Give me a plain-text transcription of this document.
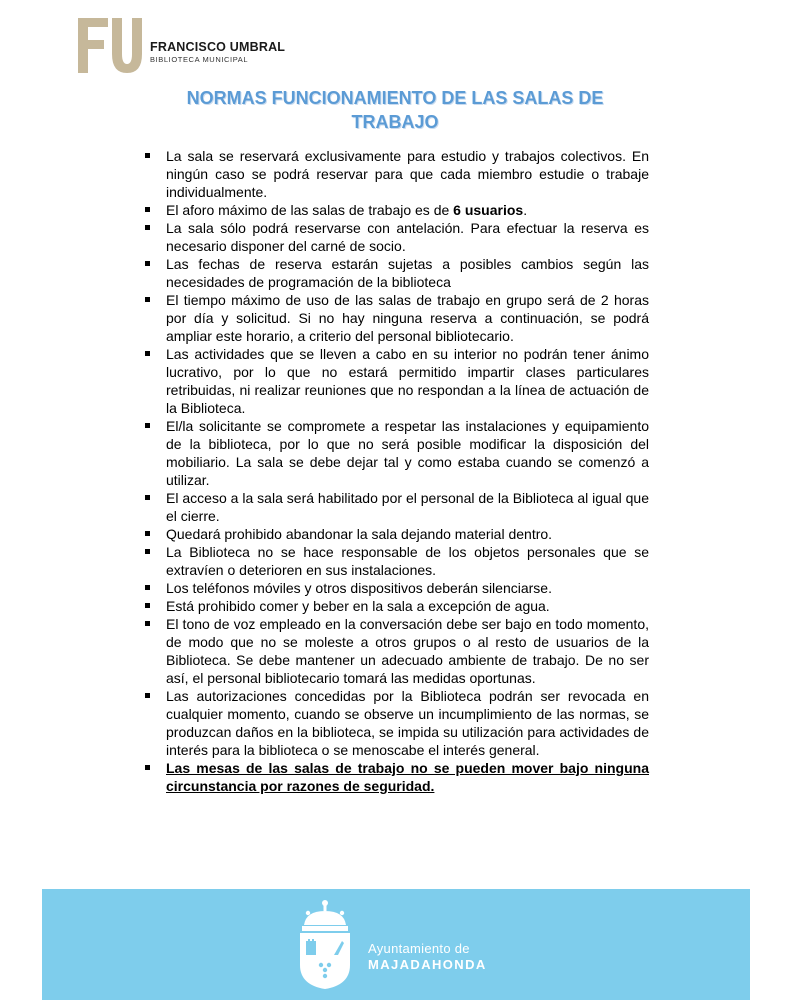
FRANCISCO UMBRAL
BIBLIOTECA MUNICIPAL
NORMAS FUNCIONAMIENTO DE LAS SALAS DE
TRABAJO
La sala se reservará exclusivamente para estudio y trabajos colectivos. En ningún caso se podrá reservar para que cada miembro estudie o trabaje individualmente.
El aforo máximo de las salas de trabajo es de 6 usuarios.
La sala sólo podrá reservarse con antelación. Para efectuar la reserva es necesario disponer del carné de socio.
Las fechas de reserva estarán sujetas a posibles cambios según las necesidades de programación de la biblioteca
El tiempo máximo de uso de las salas de trabajo en grupo será de 2 horas por día y solicitud. Si no hay ninguna reserva a continuación, se podrá ampliar este horario, a criterio del personal bibliotecario.
Las actividades que se lleven a cabo en su interior no podrán tener ánimo lucrativo, por lo que no estará permitido impartir clases particulares retribuidas, ni realizar reuniones que no respondan a la línea de actuación de la Biblioteca.
El/la solicitante se compromete a respetar las instalaciones y equipamiento de la biblioteca, por lo que no será posible modificar la disposición del mobiliario. La sala se debe dejar tal y como estaba cuando se comenzó a utilizar.
El acceso a la sala será habilitado por el personal de la Biblioteca al igual que el cierre.
Quedará prohibido abandonar la sala dejando material dentro.
La Biblioteca no se hace responsable de los objetos personales que se extravíen o deterioren en sus instalaciones.
Los teléfonos móviles y otros dispositivos deberán silenciarse.
Está prohibido comer y beber en la sala a excepción de agua.
El tono de voz empleado en la conversación debe ser bajo en todo momento, de modo que no se moleste a otros grupos o al resto de usuarios de la Biblioteca. Se debe mantener un adecuado ambiente de trabajo. De no ser así, el personal bibliotecario tomará las medidas oportunas.
Las autorizaciones concedidas por la Biblioteca podrán ser revocada en cualquier momento, cuando se observe un incumplimiento de las normas, se produzcan daños en la biblioteca, se impida su utilización para actividades de interés para la biblioteca o se menoscabe el interés general.
Las mesas de las salas de trabajo no se pueden mover bajo ninguna circunstancia por razones de seguridad.
Ayuntamiento de
MAJADAHONDA
